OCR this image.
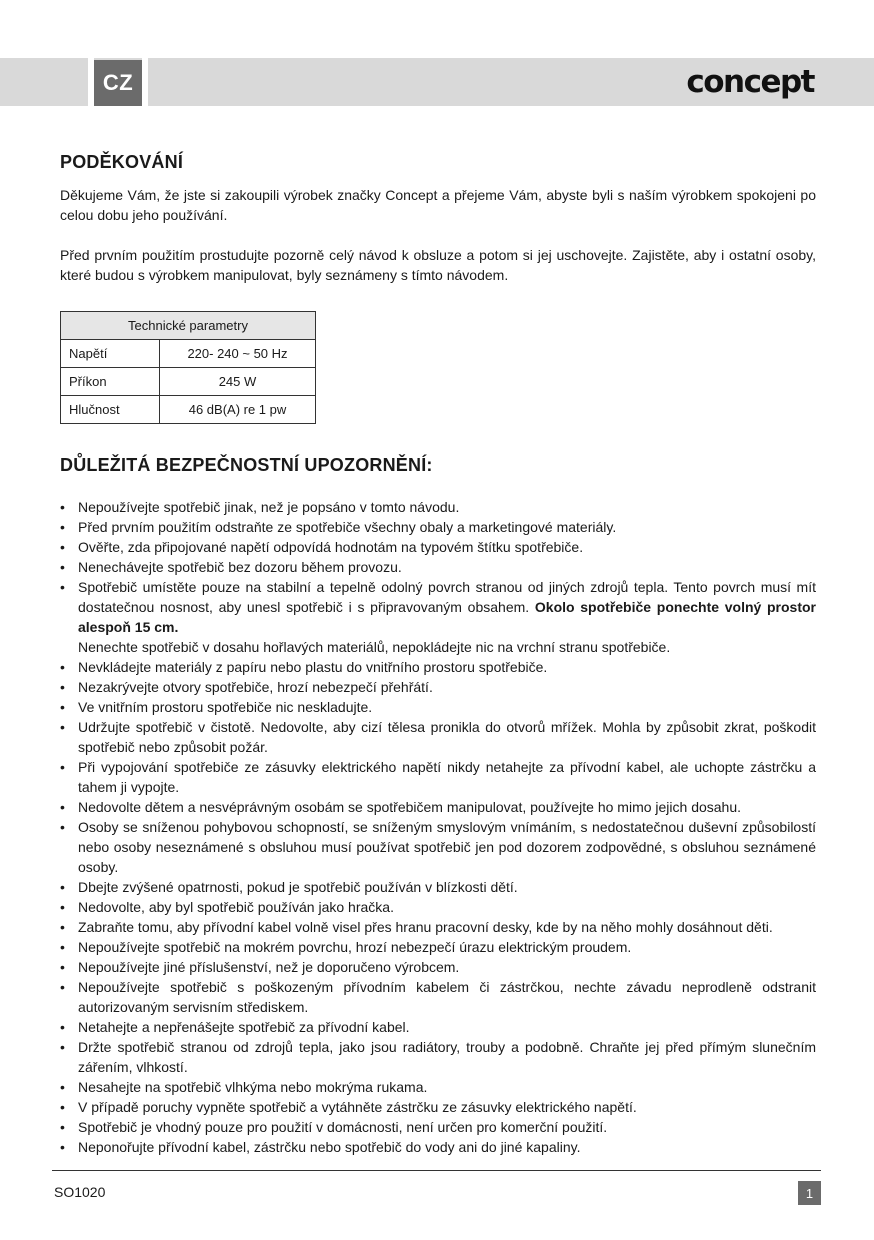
CZ	concept
PODĚKOVÁNÍ

Děkujeme Vám, že jste si zakoupili výrobek značky Concept a přejeme Vám, abyste byli s naším výrobkem spokojeni po celou dobu jeho používání.

Před prvním použitím prostudujte pozorně celý návod k obsluze a potom si jej uschovejte. Zajistěte, aby i ostatní osoby, které budou s výrobkem manipulovat, byly seznámeny s tímto návodem.

Technické parametry	
Napětí	220- 240 ~ 50 Hz
Příkon	245 W
Hlučnost	46 dB(A) re 1 pw
DŮLEŽITÁ BEZPEČNOSTNÍ UPOZORNĚNÍ:
• Nepoužívejte spotřebič jinak, než je popsáno v tomto návodu.
• Před prvním použitím odstraňte ze spotřebiče všechny obaly a marketingové materiály.
• Ověřte, zda připojované napětí odpovídá hodnotám na typovém štítku spotřebiče.
• Nenechávejte spotřebič bez dozoru během provozu.
• Spotřebič umístěte pouze na stabilní a tepelně odolný povrch stranou od jiných zdrojů tepla. Tento povrch musí mít dostatečnou nosnost, aby unesl spotřebič i s připravovaným obsahem. Okolo spotřebiče ponechte volný prostor alespoň 15 cm.
Nenechte spotřebič v dosahu hořlavých materiálů, nepokládejte nic na vrchní stranu spotřebiče.
• Nevkládejte materiály z papíru nebo plastu do vnitřního prostoru spotřebiče.
• Nezakrývejte otvory spotřebiče, hrozí nebezpečí přehřátí.
• Ve vnitřním prostoru spotřebiče nic neskladujte.
• Udržujte spotřebič v čistotě. Nedovolte, aby cizí tělesa pronikla do otvorů mřížek. Mohla by způsobit zkrat, poškodit spotřebič nebo způsobit požár.
• Při vypojování spotřebiče ze zásuvky elektrického napětí nikdy netahejte za přívodní kabel, ale uchopte zástrčku a tahem ji vypojte.
• Nedovolte dětem a nesvéprávným osobám se spotřebičem manipulovat, používejte ho mimo jejich dosahu.
• Osoby se sníženou pohybovou schopností, se sníženým smyslovým vnímáním, s nedostatečnou duševní způsobilostí nebo osoby neseznámené s obsluhou musí používat spotřebič jen pod dozorem zodpovědné, s obsluhou seznámené osoby.
• Dbejte zvýšené opatrnosti, pokud je spotřebič používán v blízkosti dětí.
• Nedovolte, aby byl spotřebič používán jako hračka.
• Zabraňte tomu, aby přívodní kabel volně visel přes hranu pracovní desky, kde by na něho mohly dosáhnout děti.
• Nepoužívejte spotřebič na mokrém povrchu, hrozí nebezpečí úrazu elektrickým proudem.
• Nepoužívejte jiné příslušenství, než je doporučeno výrobcem.
• Nepoužívejte spotřebič s poškozeným přívodním kabelem či zástrčkou, nechte závadu neprodleně odstranit autorizovaným servisním střediskem.
• Netahejte a nepřenášejte spotřebič za přívodní kabel.
• Držte spotřebič stranou od zdrojů tepla, jako jsou radiátory, trouby a podobně. Chraňte jej před přímým slunečním zářením, vlhkostí.
• Nesahejte na spotřebič vlhkýma nebo mokrýma rukama.
• V případě poruchy vypněte spotřebič a vytáhněte zástrčku ze zásuvky elektrického napětí.
• Spotřebič je vhodný pouze pro použití v domácnosti, není určen pro komerční použití.
• Neponořujte přívodní kabel, zástrčku nebo spotřebič do vody ani do jiné kapaliny.
SO1020	1
